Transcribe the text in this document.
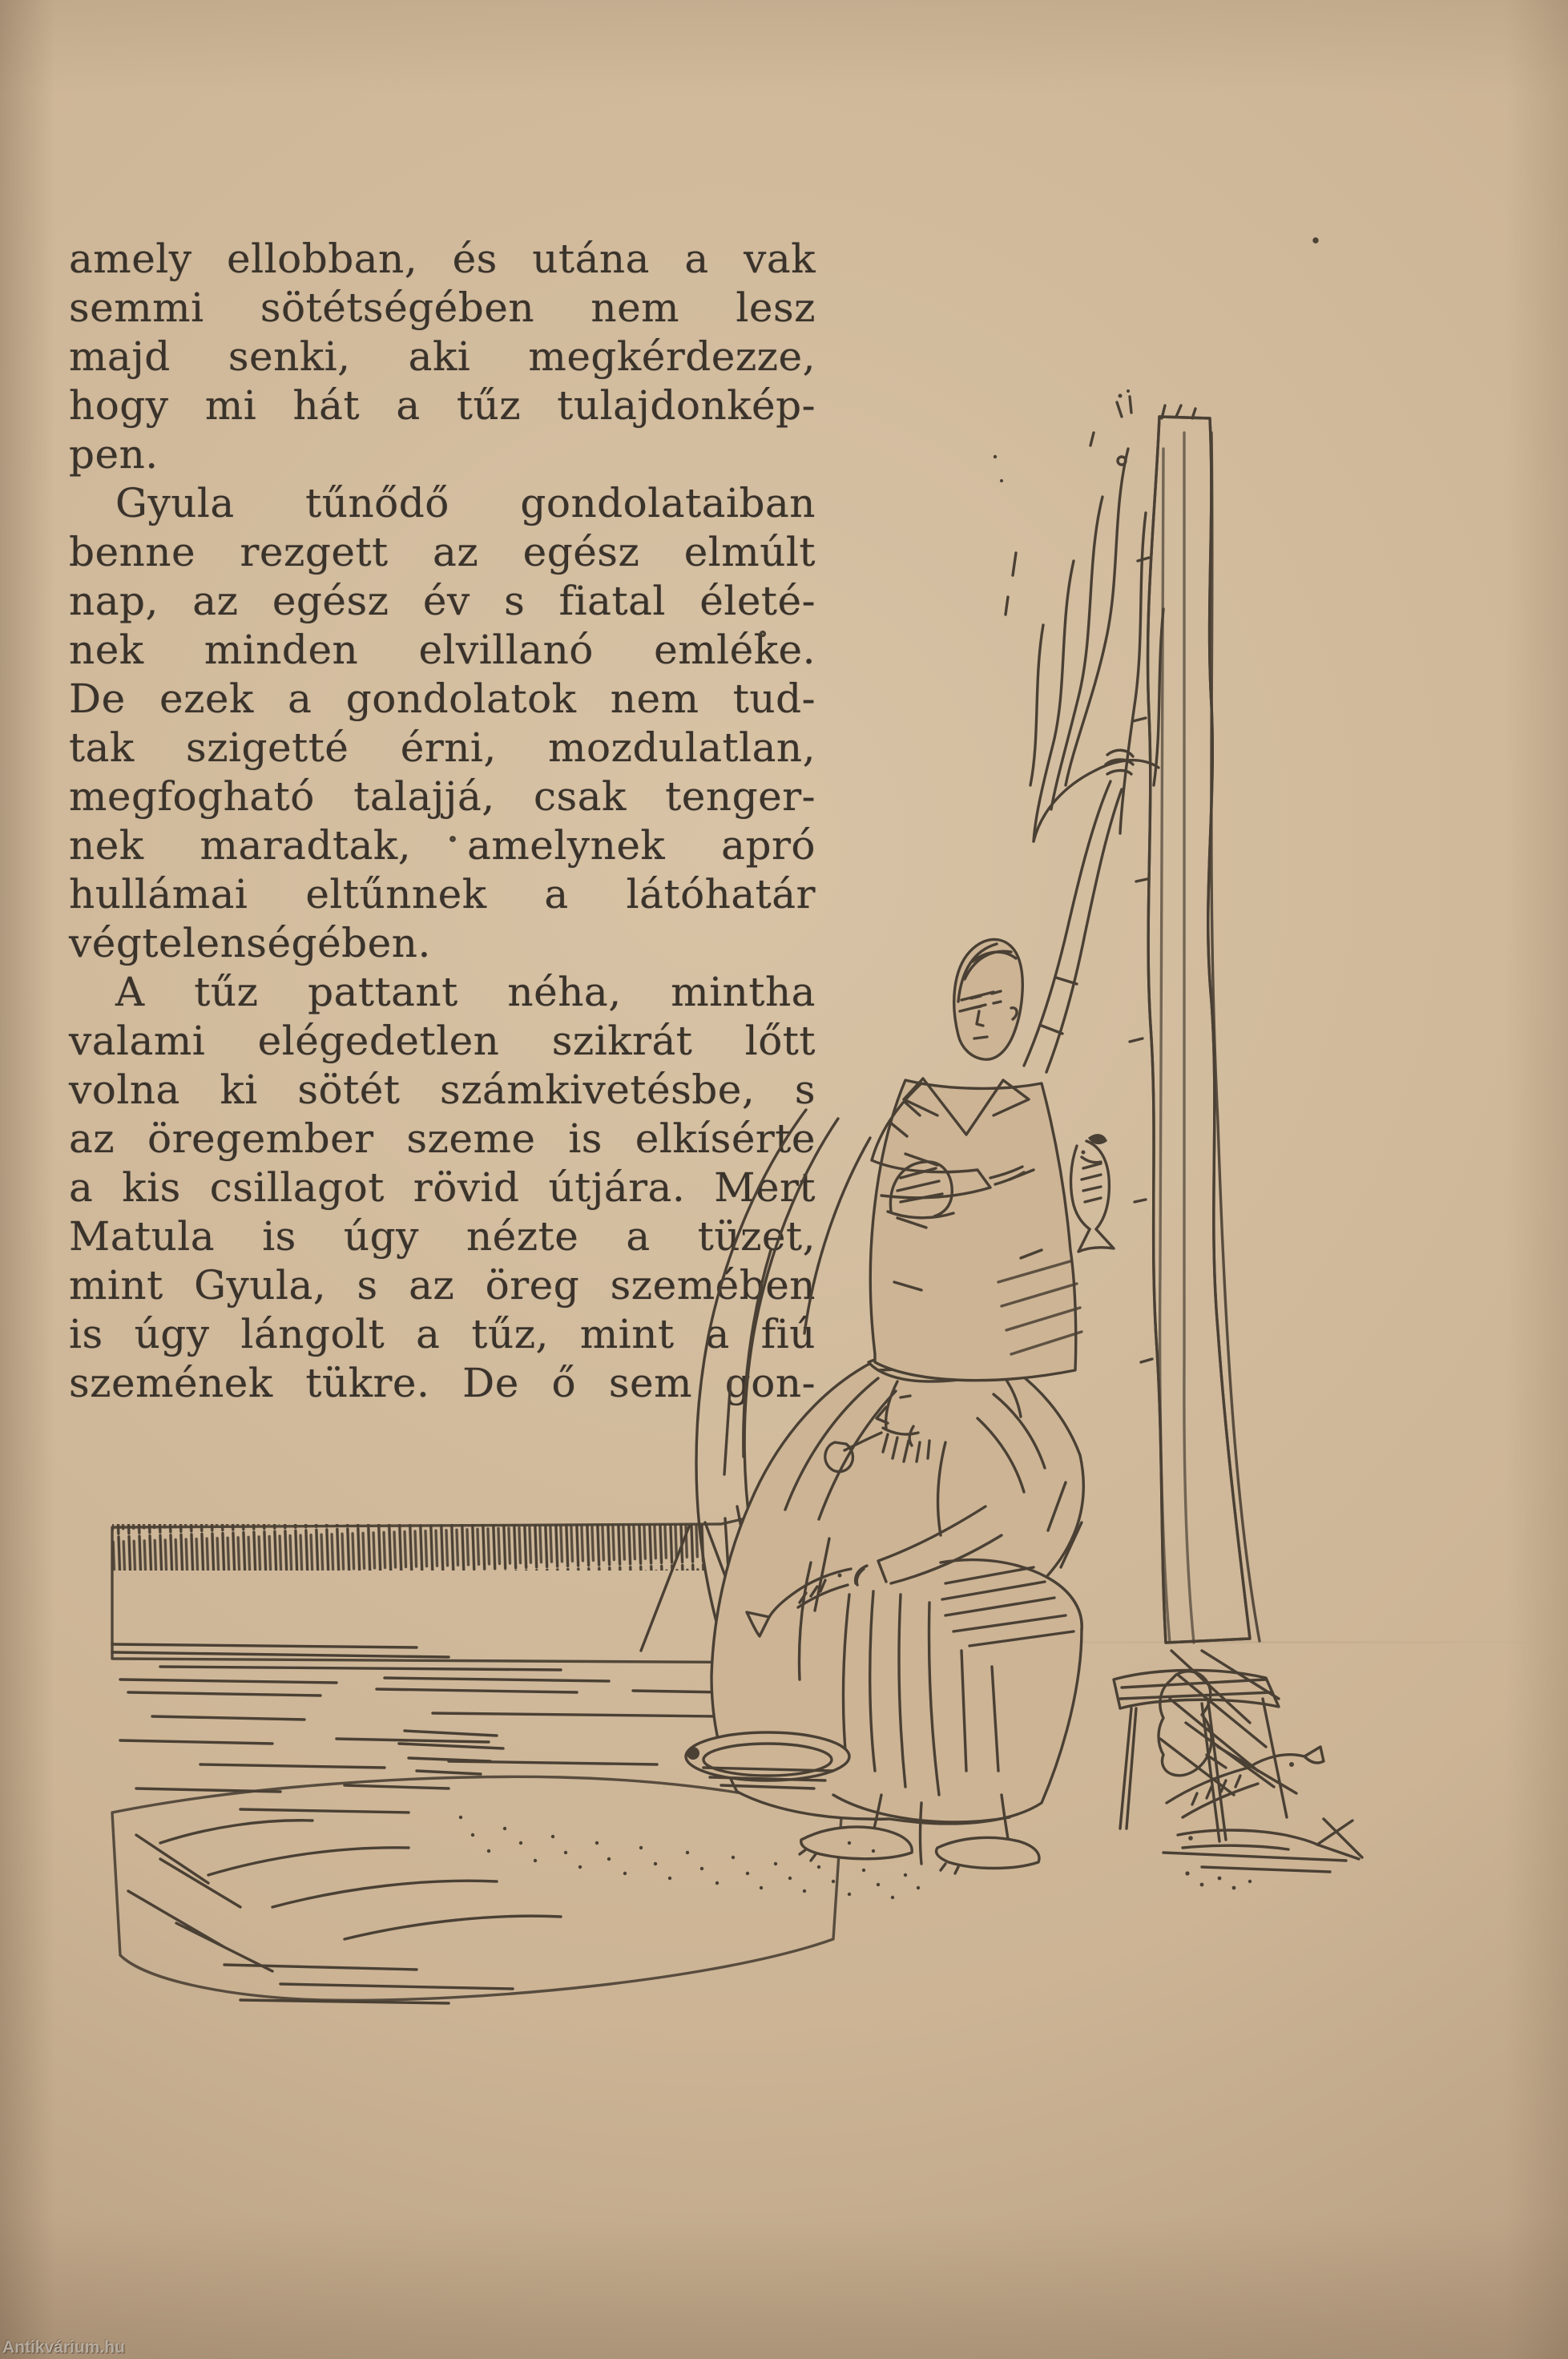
amely ellobban, és utána a vak
semmi sötétségében nem lesz
majd senki, aki megkérdezze,
hogy mi hát a tűz tulajdonkép-
pen.
Gyula tűnődő gondolataiban
benne rezgett az egész elmúlt
nap, az egész év s fiatal életé-
nek minden elvillanó emléke.
De ezek a gondolatok nem tud-
tak szigetté érni, mozdulatlan,
megfogható talajjá, csak tenger-
nek maradtak, amelynek apró
hullámai eltűnnek a látóhatár
végtelenségében.
A tűz pattant néha, mintha
valami elégedetlen szikrát lőtt
volna ki sötét számkivetésbe, s
az öregember szeme is elkísérte
a kis csillagot rövid útjára. Mert
Matula is úgy nézte a tüzet,
mint Gyula, s az öreg szemében
is úgy lángolt a tűz, mint a fiú
szemének tükre. De ő sem gon-
Antikvárium.hu
